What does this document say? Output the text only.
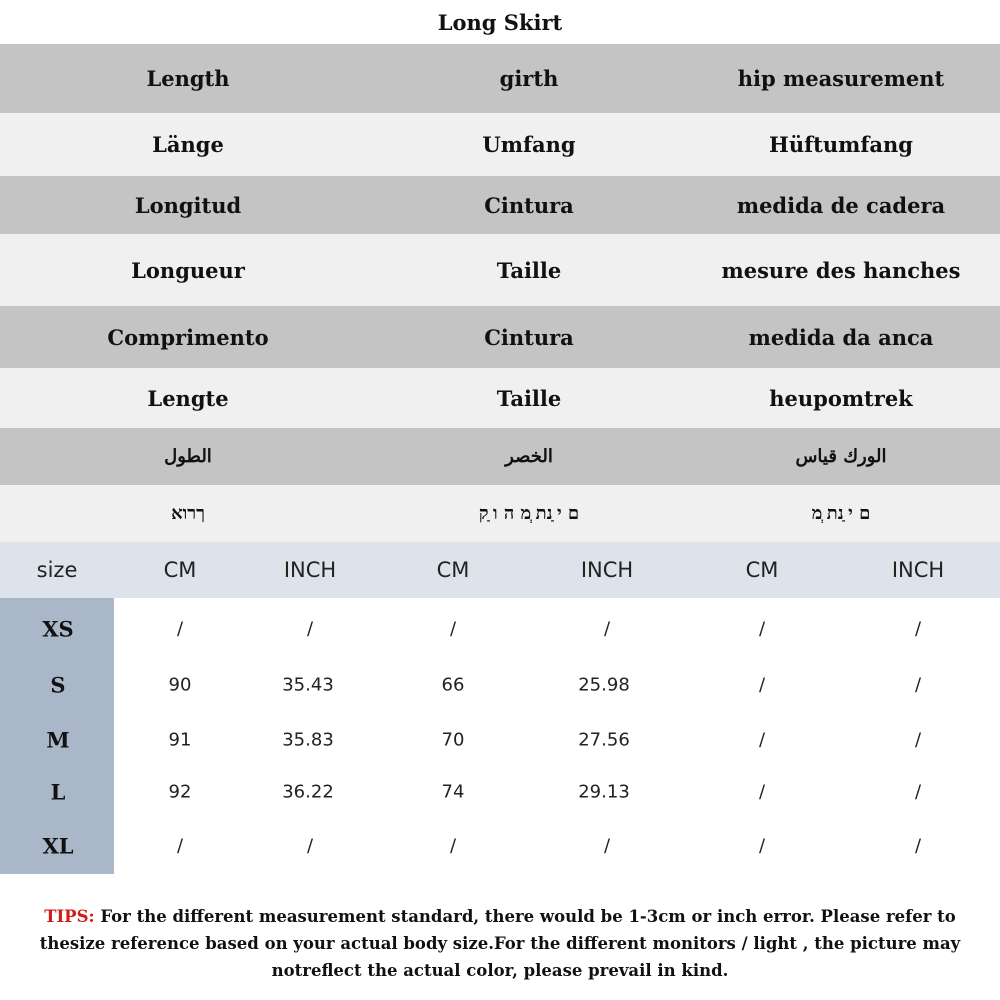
Long Skirt
Length	girth	hip measurement
Länge	Umfang	Hüftumfang
Longitud	Cintura	medida de cadera
Longueur	Taille	mesure des hanches
Comprimento	Cintura	medida da anca
Lengte	Taille	heupomtrek
الطول	الخصر	الورك قياس
ךרוא	ם י ַנת ְמ ה ו ַק	ם י ַנת ְמ
size	CM	INCH	CM	INCH	CM	INCH
XS	/	/	/	/	/	/
S	90	35.43	66	25.98	/	/
M	91	35.83	70	27.56	/	/
L	92	36.22	74	29.13	/	/
XL	/	/	/	/	/	/
TIPS: For the different measurement standard, there would be 1-3cm or inch error. Please refer to
thesize reference based on your actual body size.For the different monitors / light , the picture may
notreflect the actual color, please prevail in kind.
